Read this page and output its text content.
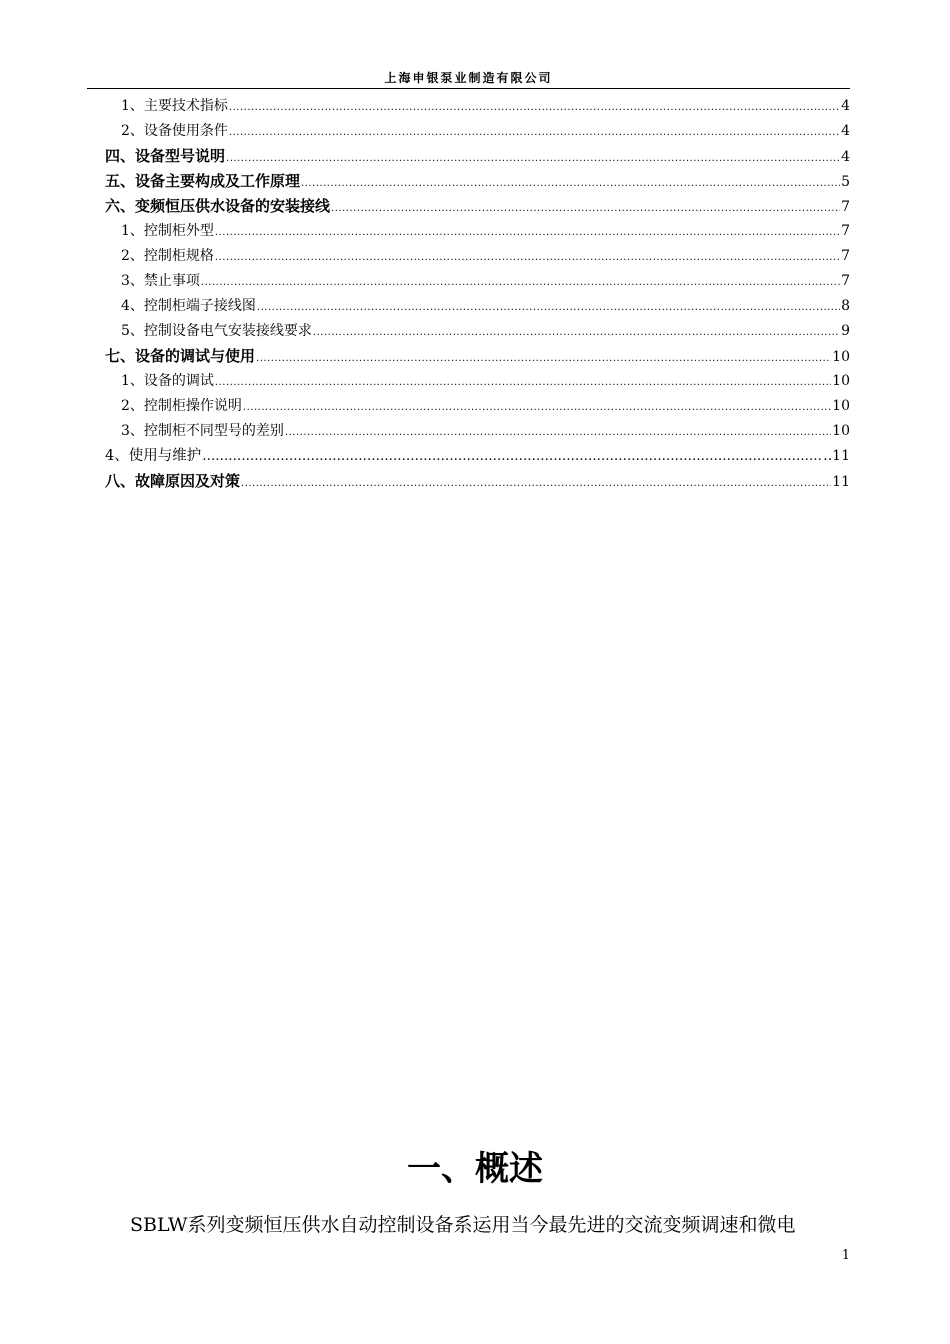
上海申银泵业制造有限公司
1、主要技术指标 .....	4
2、设备使用条件 .....	4
四、设备型号说明 .....	4
五、设备主要构成及工作原理 .....	5
六、变频恒压供水设备的安装接线 .....	7
1、控制柜外型 .....	7
2、控制柜规格 .....	7
3、禁止事项 .....	7
4、控制柜端子接线图 .....	8
5、控制设备电气安装接线要求 .....	9
七、设备的调试与使用 .....	10
1、设备的调试 .....	10
2、控制柜操作说明 .....	10
3、控制柜不同型号的差别 .....	10
4、使用与维护 ……………………………………………………………………………………………………………………………………………………………	..11
八、故障原因及对策 .....	11
一、概述
SBLW系列变频恒压供水自动控制设备系运用当今最先进的交流变频调速和微电
1
